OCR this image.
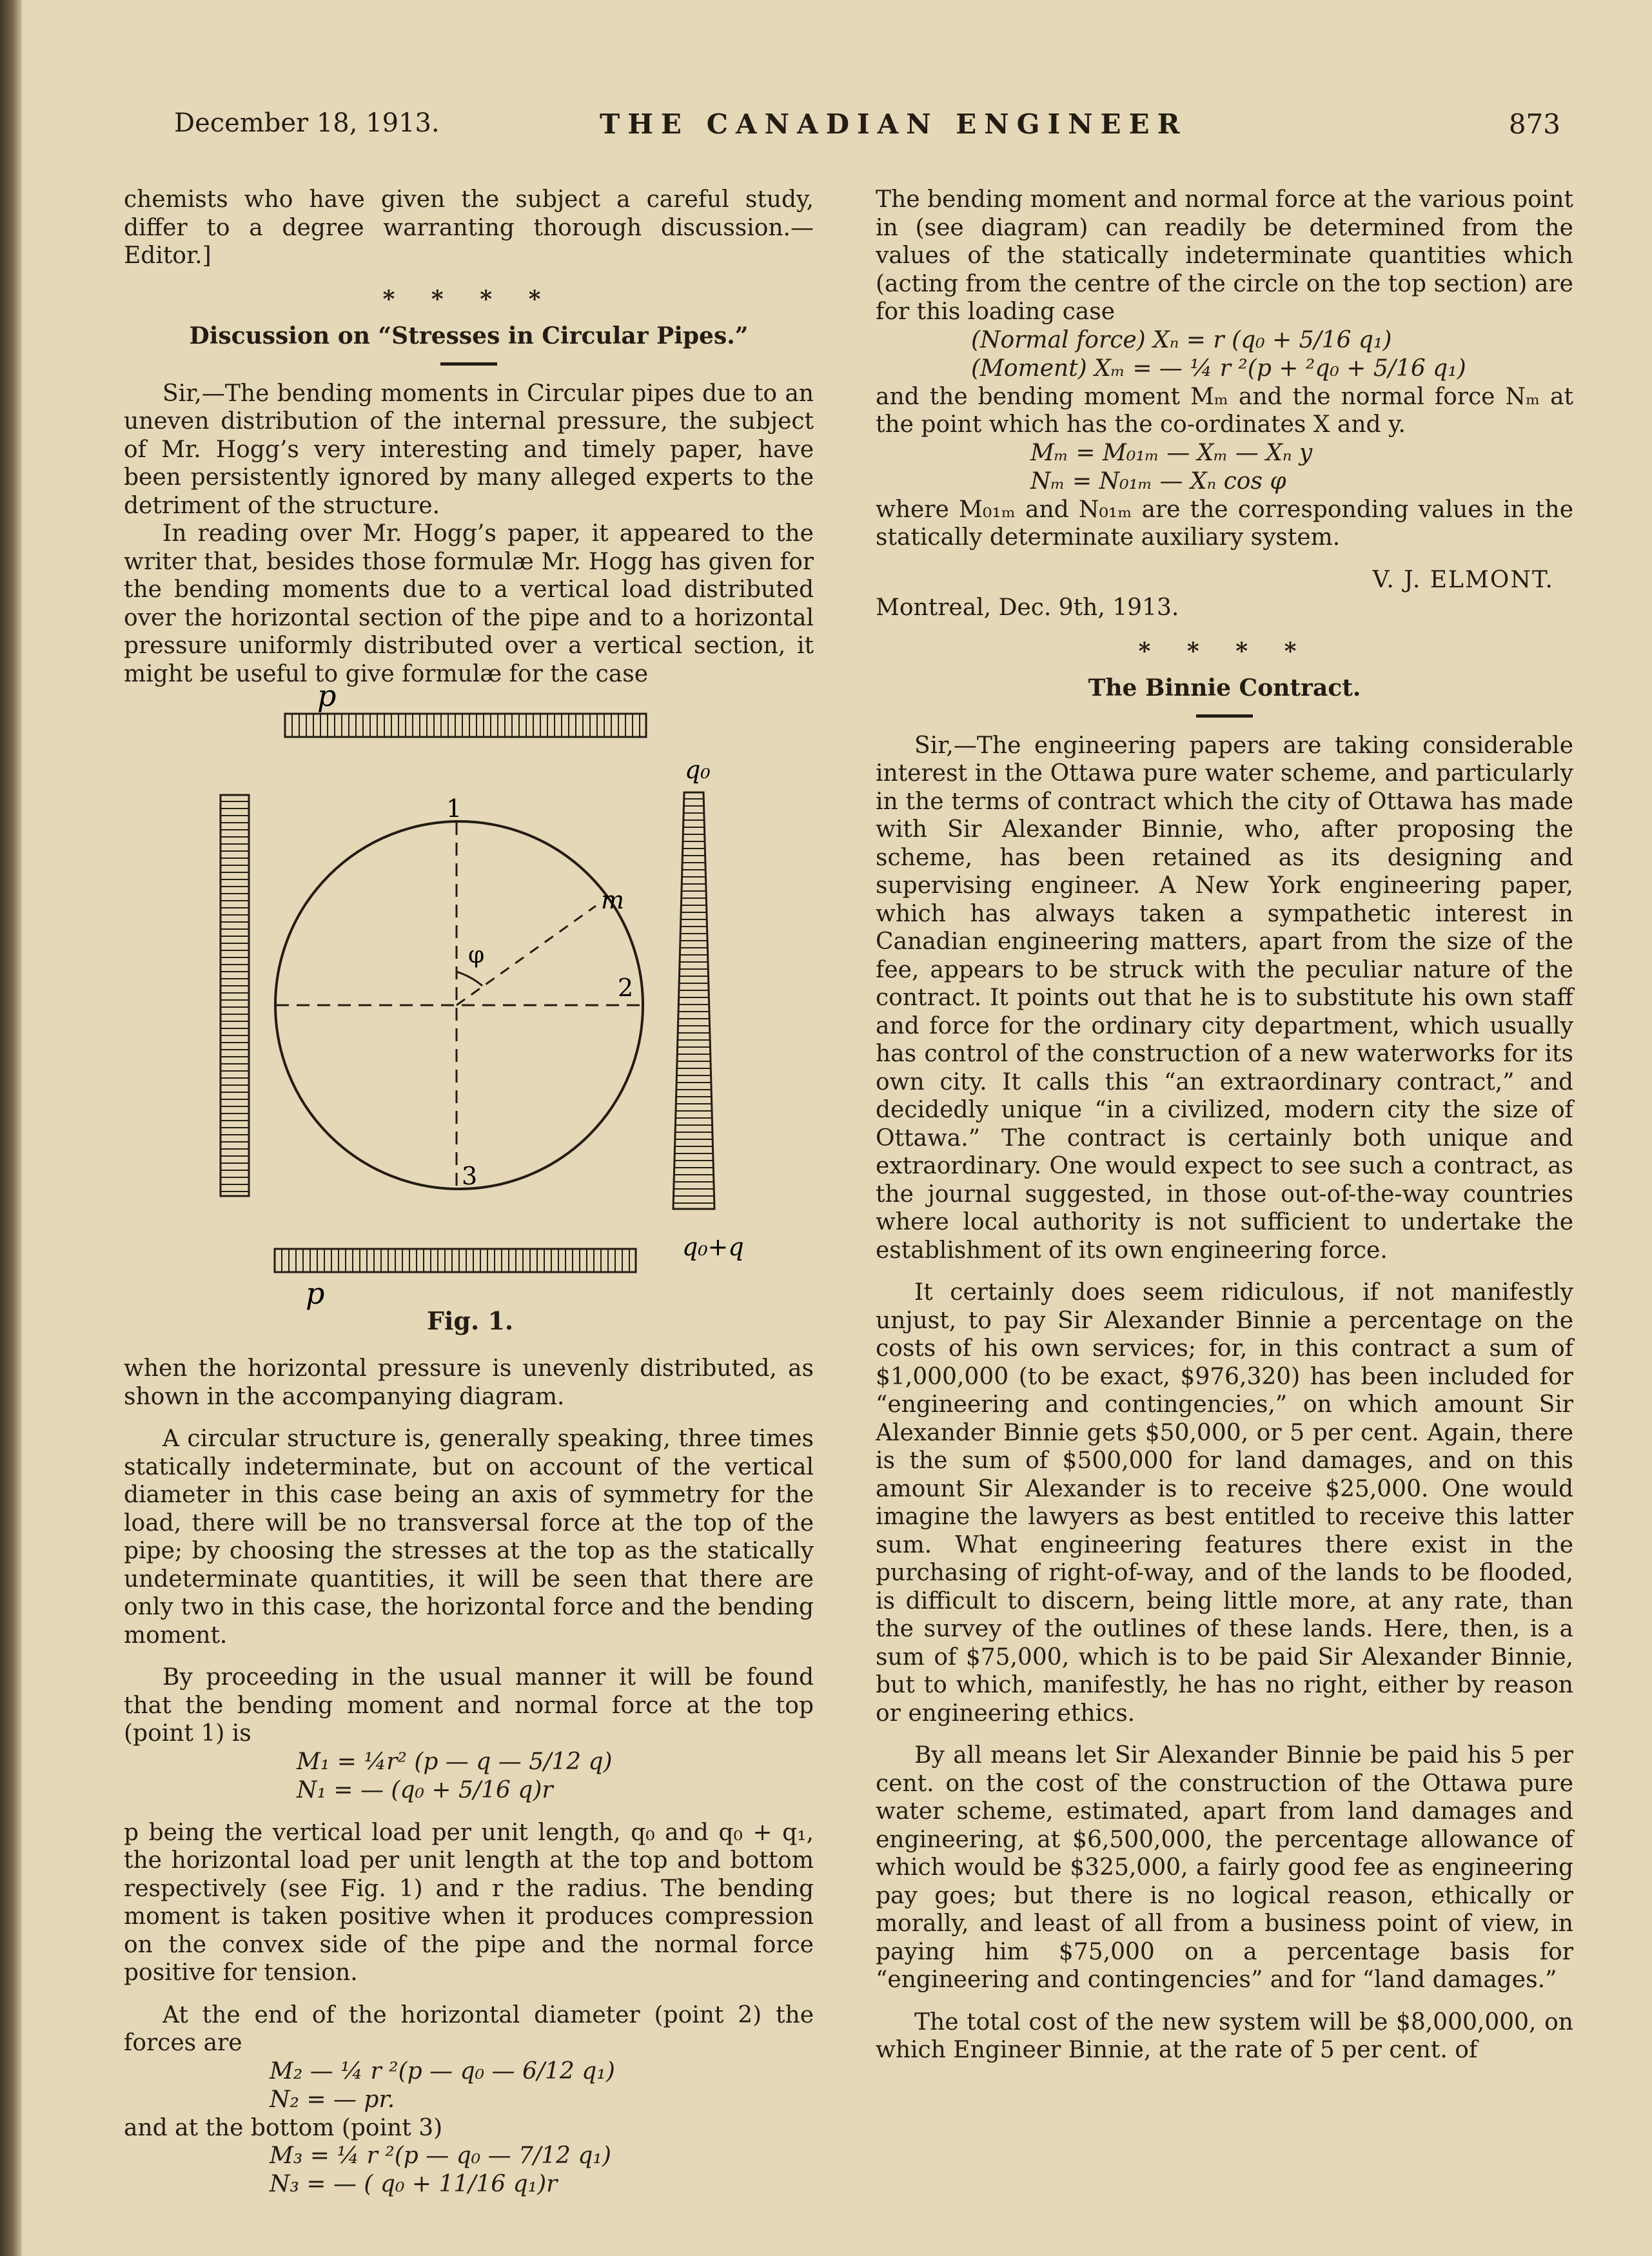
December 18, 1913.	THE CANADIAN ENGINEER	873

chemists who have given the subject a careful study, differ to a degree warranting thorough discussion.—Editor.]

* * * *

Discussion on “Stresses in Circular Pipes.”

Sir,—The bending moments in Circular pipes due to an uneven distribution of the internal pressure, the subject of Mr. Hogg’s very interesting and timely paper, have been persistently ignored by many alleged experts to the detriment of the structure.

In reading over Mr. Hogg’s paper, it appeared to the writer that, besides those formulæ Mr. Hogg has given for the bending moments due to a vertical load distributed over the horizontal section of the pipe and to a horizontal pressure uniformly distributed over a vertical section, it might be useful to give formulæ for the case

p
p
q₀
q₀+q
1
2
3
m
φ
Fig. 1.

when the horizontal pressure is unevenly distributed, as shown in the accompanying diagram.

A circular structure is, generally speaking, three times statically indeterminate, but on account of the vertical diameter in this case being an axis of symmetry for the load, there will be no transversal force at the top of the pipe; by choosing the stresses at the top as the statically undeterminate quantities, it will be seen that there are only two in this case, the horizontal force and the bending moment.

By proceeding in the usual manner it will be found that the bending moment and normal force at the top (point 1) is

M₁ = ¼r² (p — q — 5/12 q)

N₁ = — (q₀ + 5/16 q)r

p being the vertical load per unit length, q₀ and q₀ + q₁, the horizontal load per unit length at the top and bottom respectively (see Fig. 1) and r the radius. The bending moment is taken positive when it produces compression on the convex side of the pipe and the normal force positive for tension.

At the end of the horizontal diameter (point 2) the forces are

M₂ — ¼ r ²(p — q₀ — 6/12 q₁)

N₂ = — pr.

and at the bottom (point 3)

M₃ = ¼ r ²(p — q₀ — 7/12 q₁)

N₃ = — ( q₀ + 11/16 q₁)r

The bending moment and normal force at the various point in (see diagram) can readily be determined from the values of the statically indeterminate quantities which (acting from the centre of the circle on the top section) are for this loading case

(Normal force) Xₙ = r (q₀ + 5/16 q₁)

(Moment) Xₘ = — ¼ r ²(p + ²q₀ + 5/16 q₁)

and the bending moment Mₘ and the normal force Nₘ at the point which has the co-ordinates X and y.

Mₘ = M₀₁ₘ — Xₘ — Xₙ y

Nₘ = N₀₁ₘ — Xₙ cos φ

where M₀₁ₘ and N₀₁ₘ are the corresponding values in the statically determinate auxiliary system.

V. J. ELMONT.

Montreal, Dec. 9th, 1913.

* * * *

The Binnie Contract.

Sir,—The engineering papers are taking considerable interest in the Ottawa pure water scheme, and particularly in the terms of contract which the city of Ottawa has made with Sir Alexander Binnie, who, after proposing the scheme, has been retained as its designing and supervising engineer. A New York engineering paper, which has always taken a sympathetic interest in Canadian engineering matters, apart from the size of the fee, appears to be struck with the peculiar nature of the contract. It points out that he is to substitute his own staff and force for the ordinary city department, which usually has control of the construction of a new waterworks for its own city. It calls this “an extraordinary contract,” and decidedly unique “in a civilized, modern city the size of Ottawa.” The contract is certainly both unique and extraordinary. One would expect to see such a contract, as the journal suggested, in those out-of-the-way countries where local authority is not sufficient to undertake the establishment of its own engineering force.

It certainly does seem ridiculous, if not manifestly unjust, to pay Sir Alexander Binnie a percentage on the costs of his own services; for, in this contract a sum of $1,000,000 (to be exact, $976,320) has been included for “engineering and contingencies,” on which amount Sir Alexander Binnie gets $50,000, or 5 per cent. Again, there is the sum of $500,000 for land damages, and on this amount Sir Alexander is to receive $25,000. One would imagine the lawyers as best entitled to receive this latter sum. What engineering features there exist in the purchasing of right-of-way, and of the lands to be flooded, is difficult to discern, being little more, at any rate, than the survey of the outlines of these lands. Here, then, is a sum of $75,000, which is to be paid Sir Alexander Binnie, but to which, manifestly, he has no right, either by reason or engineering ethics.

By all means let Sir Alexander Binnie be paid his 5 per cent. on the cost of the construction of the Ottawa pure water scheme, estimated, apart from land damages and engineering, at $6,500,000, the percentage allowance of which would be $325,000, a fairly good fee as engineering pay goes; but there is no logical reason, ethically or morally, and least of all from a business point of view, in paying him $75,000 on a percentage basis for “engineering and contingencies” and for “land damages.”

The total cost of the new system will be $8,000,000, on which Engineer Binnie, at the rate of 5 per cent. of
